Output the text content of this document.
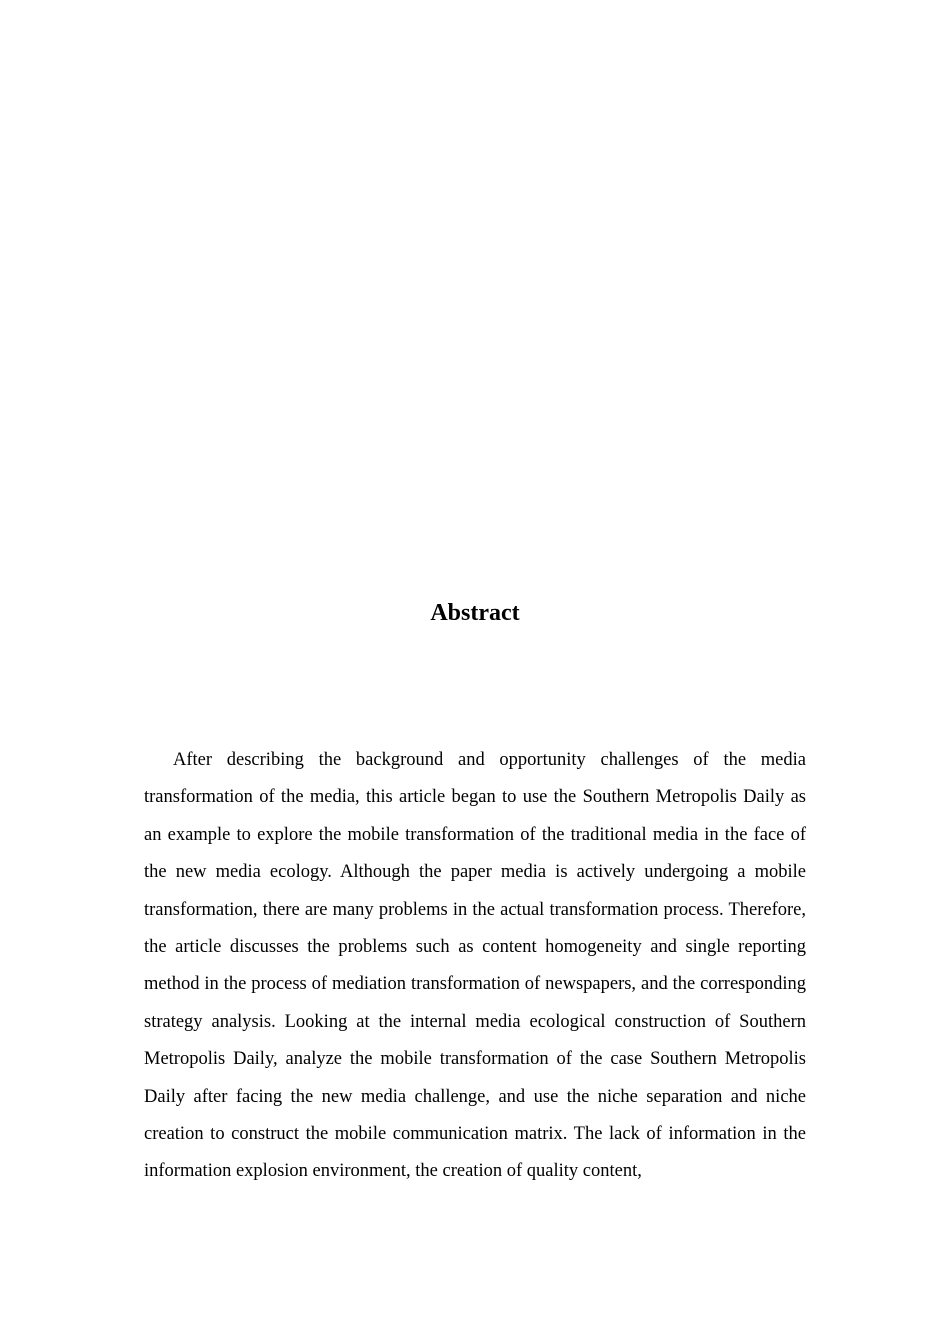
Abstract

After describing the background and opportunity challenges of the media transformation of the media, this article began to use the Southern Metropolis Daily as an example to explore the mobile transformation of the traditional media in the face of the new media ecology. Although the paper media is actively undergoing a mobile transformation, there are many problems in the actual transformation process. Therefore, the article discusses the problems such as content homogeneity and single reporting method in the process of mediation transformation of newspapers, and the corresponding strategy analysis. Looking at the internal media ecological construction of Southern Metropolis Daily, analyze the mobile transformation of the case Southern Metropolis Daily after facing the new media challenge, and use the niche separation and niche creation to construct the mobile communication matrix. The lack of information in the information explosion environment, the creation of quality content,
